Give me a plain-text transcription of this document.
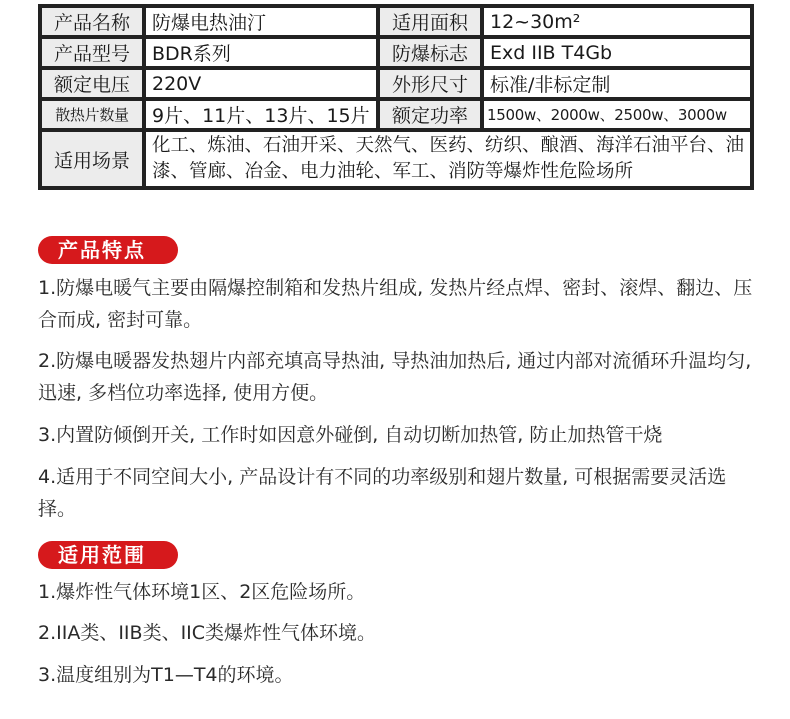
产品名称	防爆电热油汀	适用面积	12~30m²
产品型号	BDR系列	防爆标志	Exd IIB T4Gb
额定电压	220V	外形尺寸	标准/非标定制
散热片数量	9片、11片、13片、15片	额定功率	1500w、2000w、2500w、3000w
适用场景	化工、炼油、石油开采、天然气、医药、纺织、酿酒、海洋石油平台、油漆、管廊、冶金、电力油轮、军工、消防等爆炸性危险场所		
产品特点
1.防爆电暖气主要由隔爆控制箱和发热片组成, 发热片经点焊、密封、滚焊、翻边、压合而成, 密封可靠。
2.防爆电暖器发热翅片内部充填高导热油, 导热油加热后, 通过内部对流循环升温均匀, 迅速, 多档位功率选择, 使用方便。
3.内置防倾倒开关, 工作时如因意外碰倒, 自动切断加热管, 防止加热管干烧
4.适用于不同空间大小, 产品设计有不同的功率级别和翅片数量, 可根据需要灵活选择。
适用范围
1.爆炸性气体环境1区、2区危险场所。
2.IIA类、IIB类、IIC类爆炸性气体环境。
3.温度组别为T1—T4的环境。
